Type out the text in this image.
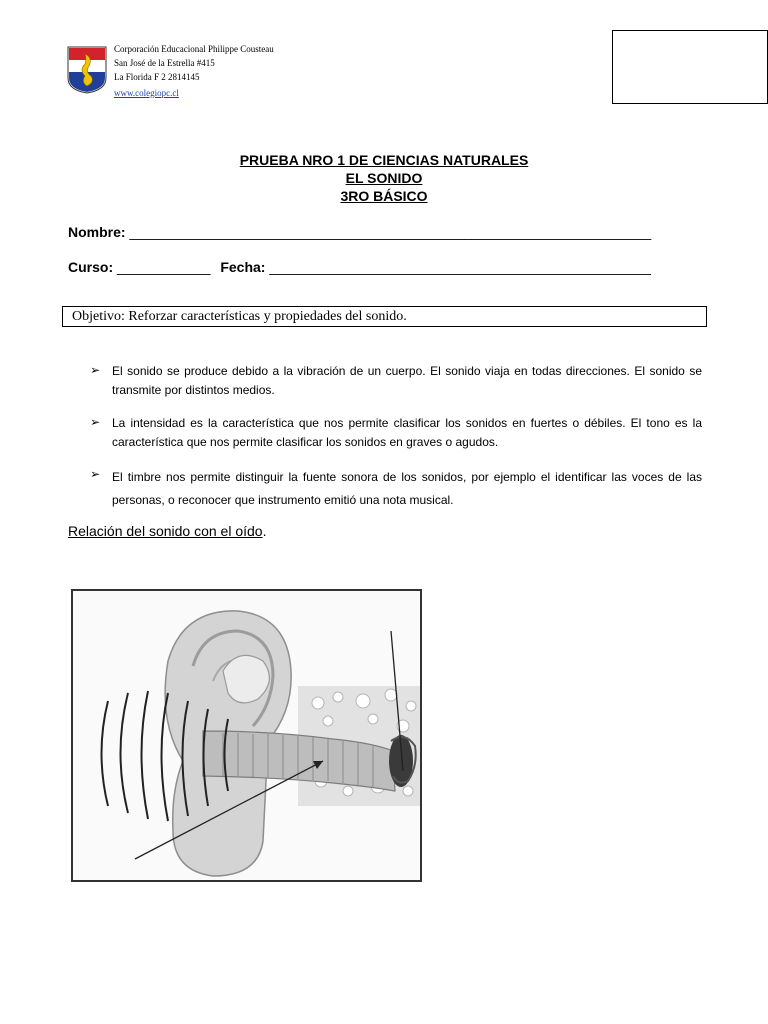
Corporación Educacional Philippe Cousteau
San José de la Estrella #415
La Florida F 2 2814145
www.colegiopc.cl
PRUEBA NRO 1 DE CIENCIAS NATURALES
EL SONIDO
3RO BÁSICO
Nombre: ___________________________________________________________________
Curso: ____________ Fecha: _________________________________________________
Objetivo: Reforzar características y propiedades del sonido.
➢ El sonido se produce debido a la vibración de un cuerpo. El sonido viaja en todas direcciones. El sonido se transmite por distintos medios.
➢ La intensidad es la característica que nos permite clasificar los sonidos en fuertes o débiles. El tono es la característica que nos permite clasificar los sonidos en graves o agudos.
➢ El timbre nos permite distinguir la fuente sonora de los sonidos, por ejemplo el identificar las voces de las personas, o reconocer que instrumento emitió una nota musical.
Relación del sonido con el oído.
